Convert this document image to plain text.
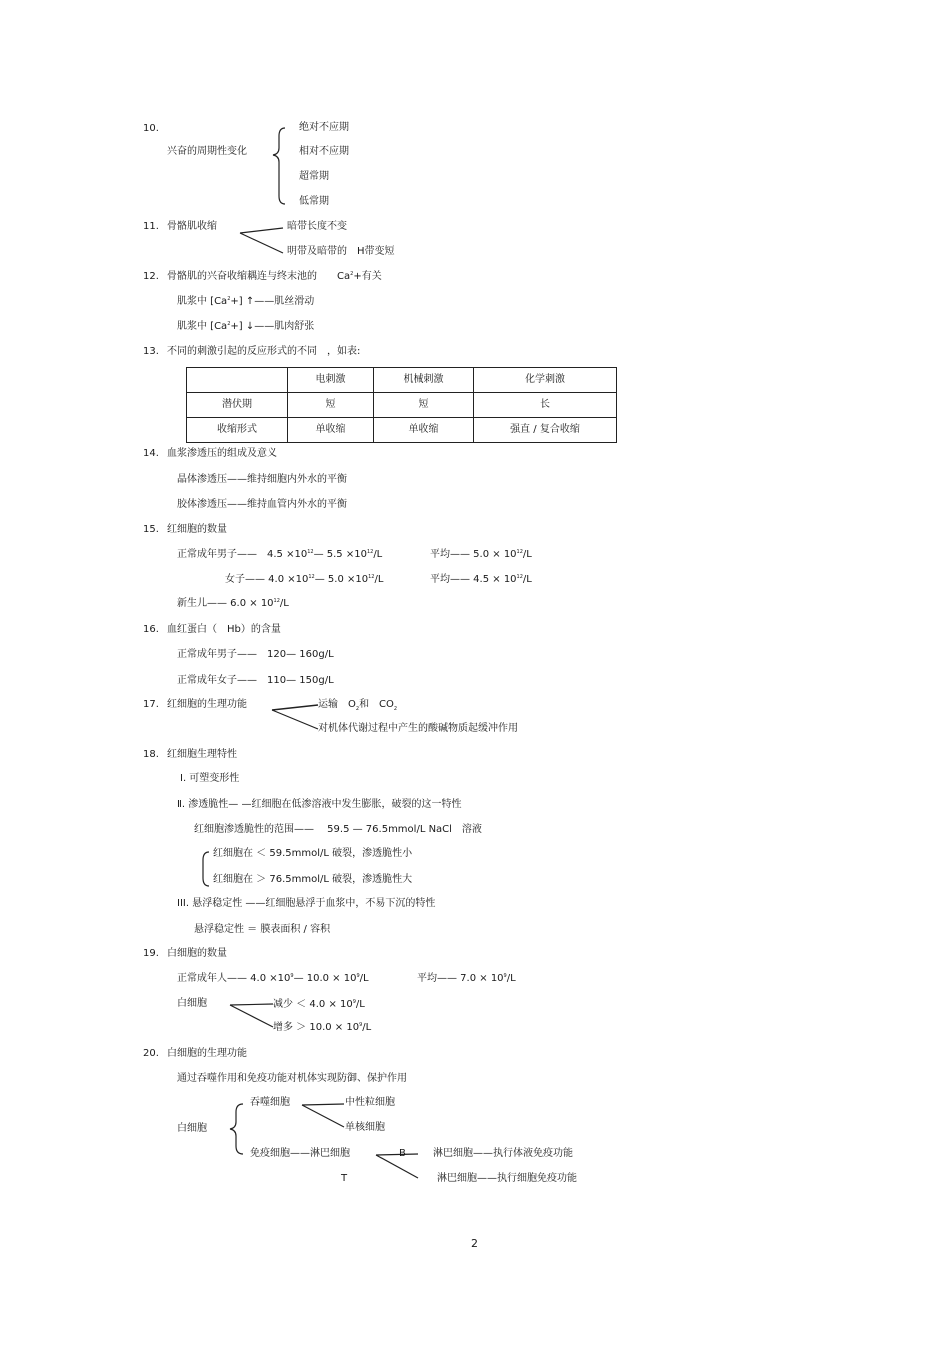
10.
兴奋的周期性变化
绝对不应期
相对不应期
超常期
低常期
11. 骨骼肌收缩	暗带长度不变
明带及暗带的　H带变短
12. 骨骼肌的兴奋收缩耦连与终末池的　　$Ca^2+$有关
肌浆中 $[Ca^2+]$ ↑——肌丝滑动
肌浆中 $[Ca^2+]$ ↓——肌肉舒张
13. 不同的刺激引起的反应形式的不同　，如表:
	电刺激	机械刺激	化学刺激
潜伏期	短	短	长
收缩形式	单收缩	单收缩	强直 / 复合收缩
14. 血浆渗透压的组成及意义
晶体渗透压——维持细胞内外水的平衡
胶体渗透压——维持血管内外水的平衡
15. 红细胞的数量
正常成年男子——　$4.5 \times 10^{12}—$ $5.5 \times 10^{12}/L$	平均—— $5.0 \times 10^{12}/L$
女子—— $4.0 \times 10^{12}—$ $5.0 \times 10^{12}/L$	平均—— $4.5 \times 10^{12}/L$
新生儿—— $6.0 \times 10^{12}/L$
16. 血红蛋白（　Hb）的含量
正常成年男子——　120— 160g/L
正常成年女子——　110— 150g/L
17. 红细胞的生理功能	运输　$O_2$和　$CO_2$
对机体代谢过程中产生的酸碱物质起缓冲作用
18. 红细胞生理特性
Ⅰ. 可塑变形性
Ⅱ. 渗透脆性— —红细胞在低渗溶液中发生膨胀，破裂的这一特性
红细胞渗透脆性的范围——　 59.5 — 76.5mmol/L NaCl　溶液
红细胞在 ＜ 59.5mmol/L 破裂，渗透脆性小
红细胞在 ＞ 76.5mmol/L 破裂，渗透脆性大
III. 悬浮稳定性 ——红细胞悬浮于血浆中，不易下沉的特性
悬浮稳定性 ＝ 膜表面积 / 容积
19. 白细胞的数量
正常成年人—— $4.0 \times 10^9—$ $10.0 \times 10^9/L$	平均—— $7.0 \times 10^9/L$
白细胞	减少 ＜ $4.0 \times 10^9/L$
增多 ＞ $10.0 \times 10^9/L$
20. 白细胞的生理功能
通过吞噬作用和免疫功能对机体实现防御、保护作用
白细胞
吞噬细胞	中性粒细胞
单核细胞
免疫细胞——淋巴细胞	B	淋巴细胞——执行体液免疫功能
T	淋巴细胞——执行细胞免疫功能
2
